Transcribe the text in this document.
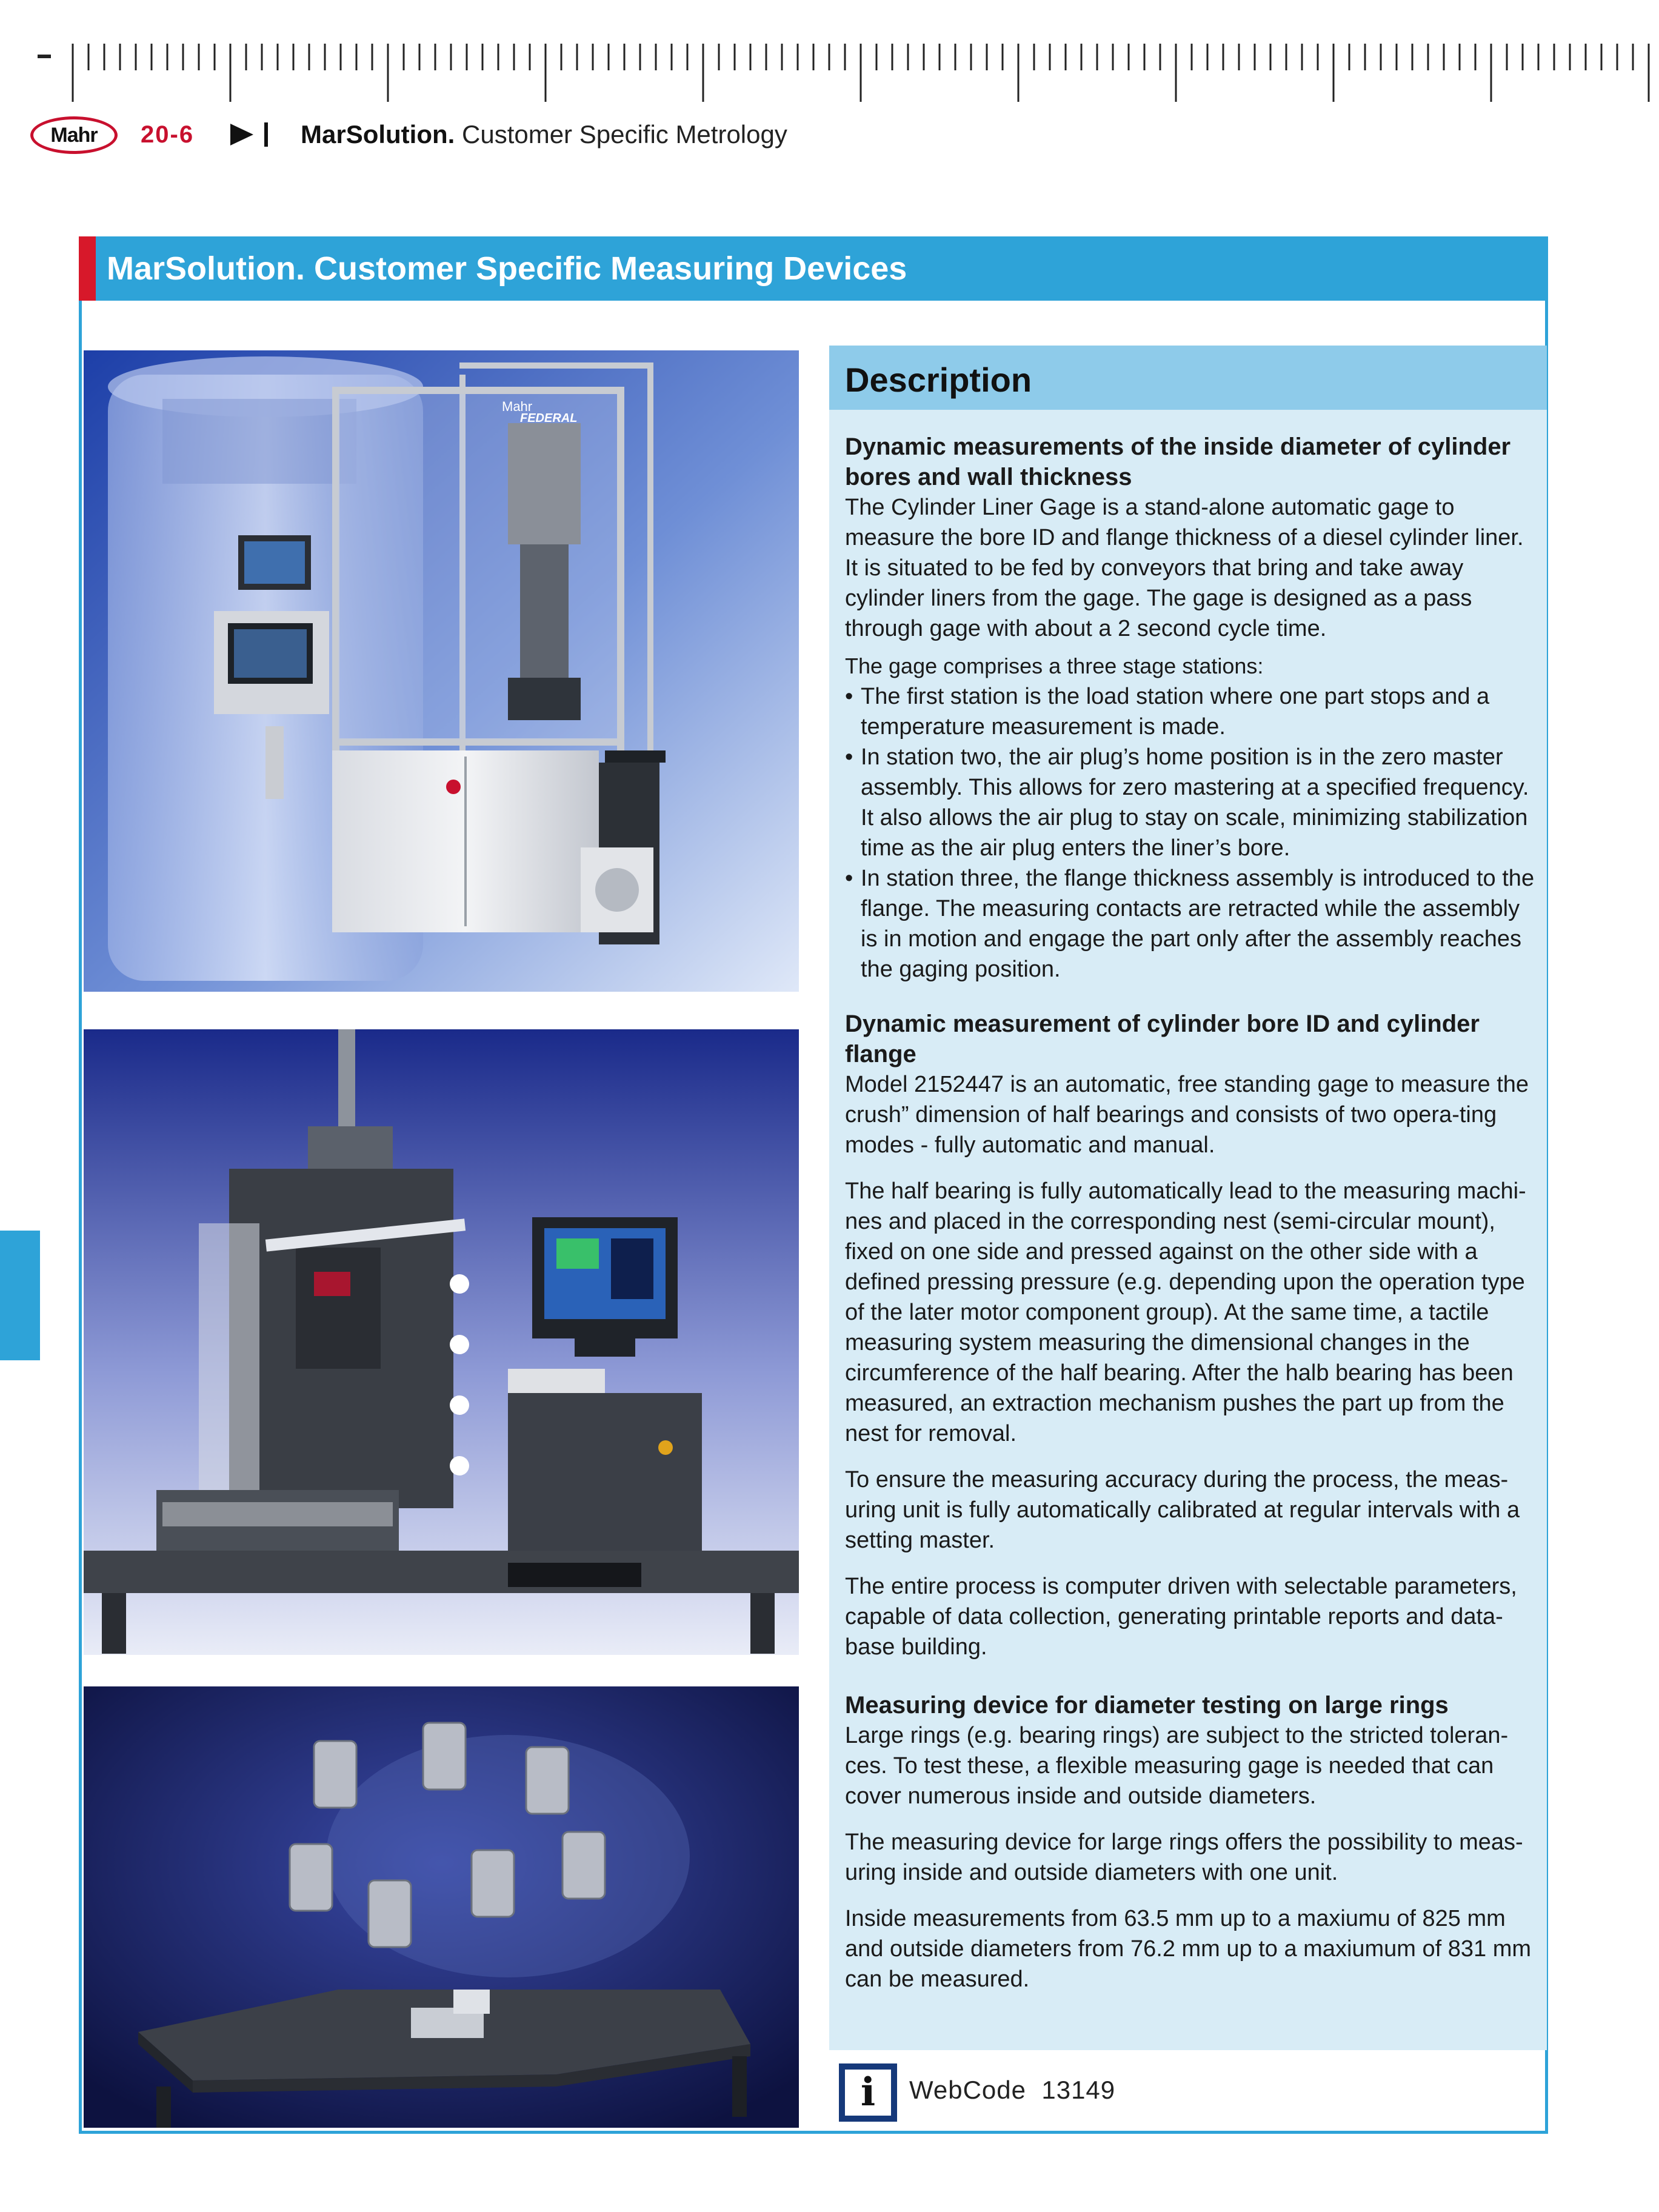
Mahr 20-6	MarSolution. Customer Specific Metrology
MarSolution. Customer Specific Measuring Devices
Mahr
FEDERAL
Description
Dynamic measurements of the inside diameter of cylinder bores and wall thickness

The Cylinder Liner Gage is a stand-alone automatic gage to measure the bore ID and flange thickness of a diesel cylinder liner. It is situated to be fed by conveyors that bring and take away cylinder liners from the gage. The gage is designed as a pass through gage with about a 2 second cycle time.

The gage comprises a three stage stations:

• The first station is the load station where one part stops and a temperature measurement is made.
• In station two, the air plug’s home position is in the zero master assembly. This allows for zero mastering at a specified frequency. It also allows the air plug to stay on scale, minimizing stabilization time as the air plug enters the liner’s bore.
• In station three, the flange thickness assembly is introduced to the flange. The measuring contacts are retracted while the assembly is in motion and engage the part only after the assembly reaches the gaging position.
Dynamic measurement of cylinder bore ID and cylinder flange

Model 2152447 is an automatic, free standing gage to measure the crush” dimension of half bearings and consists of two opera-ting modes - fully automatic and manual.

The half bearing is fully automatically lead to the measuring machi-nes and placed in the corresponding nest (semi-circular mount), fixed on one side and pressed against on the other side with a defined pressing pressure (e.g. depending upon the operation type of the later motor component group). At the same time, a tactile measuring system measuring the dimensional changes in the circumference of the half bearing. After the halb bearing has been measured, an extraction mechanism pushes the part up from the nest for removal.

To ensure the measuring accuracy during the process, the meas-uring unit is fully automatically calibrated at regular intervals with a setting master.

The entire process is computer driven with selectable parameters, capable of data collection, generating printable reports and data-base building.

Measuring device for diameter testing on large rings

Large rings (e.g. bearing rings) are subject to the stricted toleran-ces. To test these, a flexible measuring gage is needed that can cover numerous inside and outside diameters.

The measuring device for large rings offers the possibility to meas-uring inside and outside diameters with one unit.

Inside measurements from 63.5 mm up to a maxiumu of 825 mm and outside diameters from 76.2 mm up to a maxiumum of 831 mm can be measured.

i WebCode 13149
